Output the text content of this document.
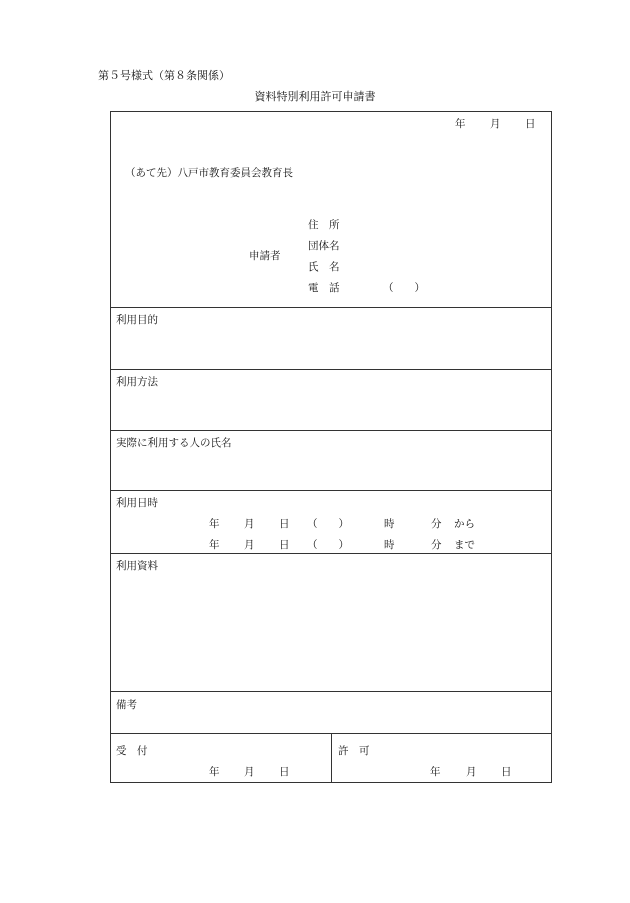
第５号様式（第８条関係）
資料特別利用許可申請書
年 月 日
（あて先）八戸市教育委員会教育長
申請者
住　所
団体名
氏　名
電　話	（　　）
利用目的
利用方法
実際に利用する人の氏名
利用日時
年 月 日 （　　）	時	分 から
年 月 日 （　　）	時	分 まで
利用資料
備考
受　付
年 月 日
許　可
年 月 日
